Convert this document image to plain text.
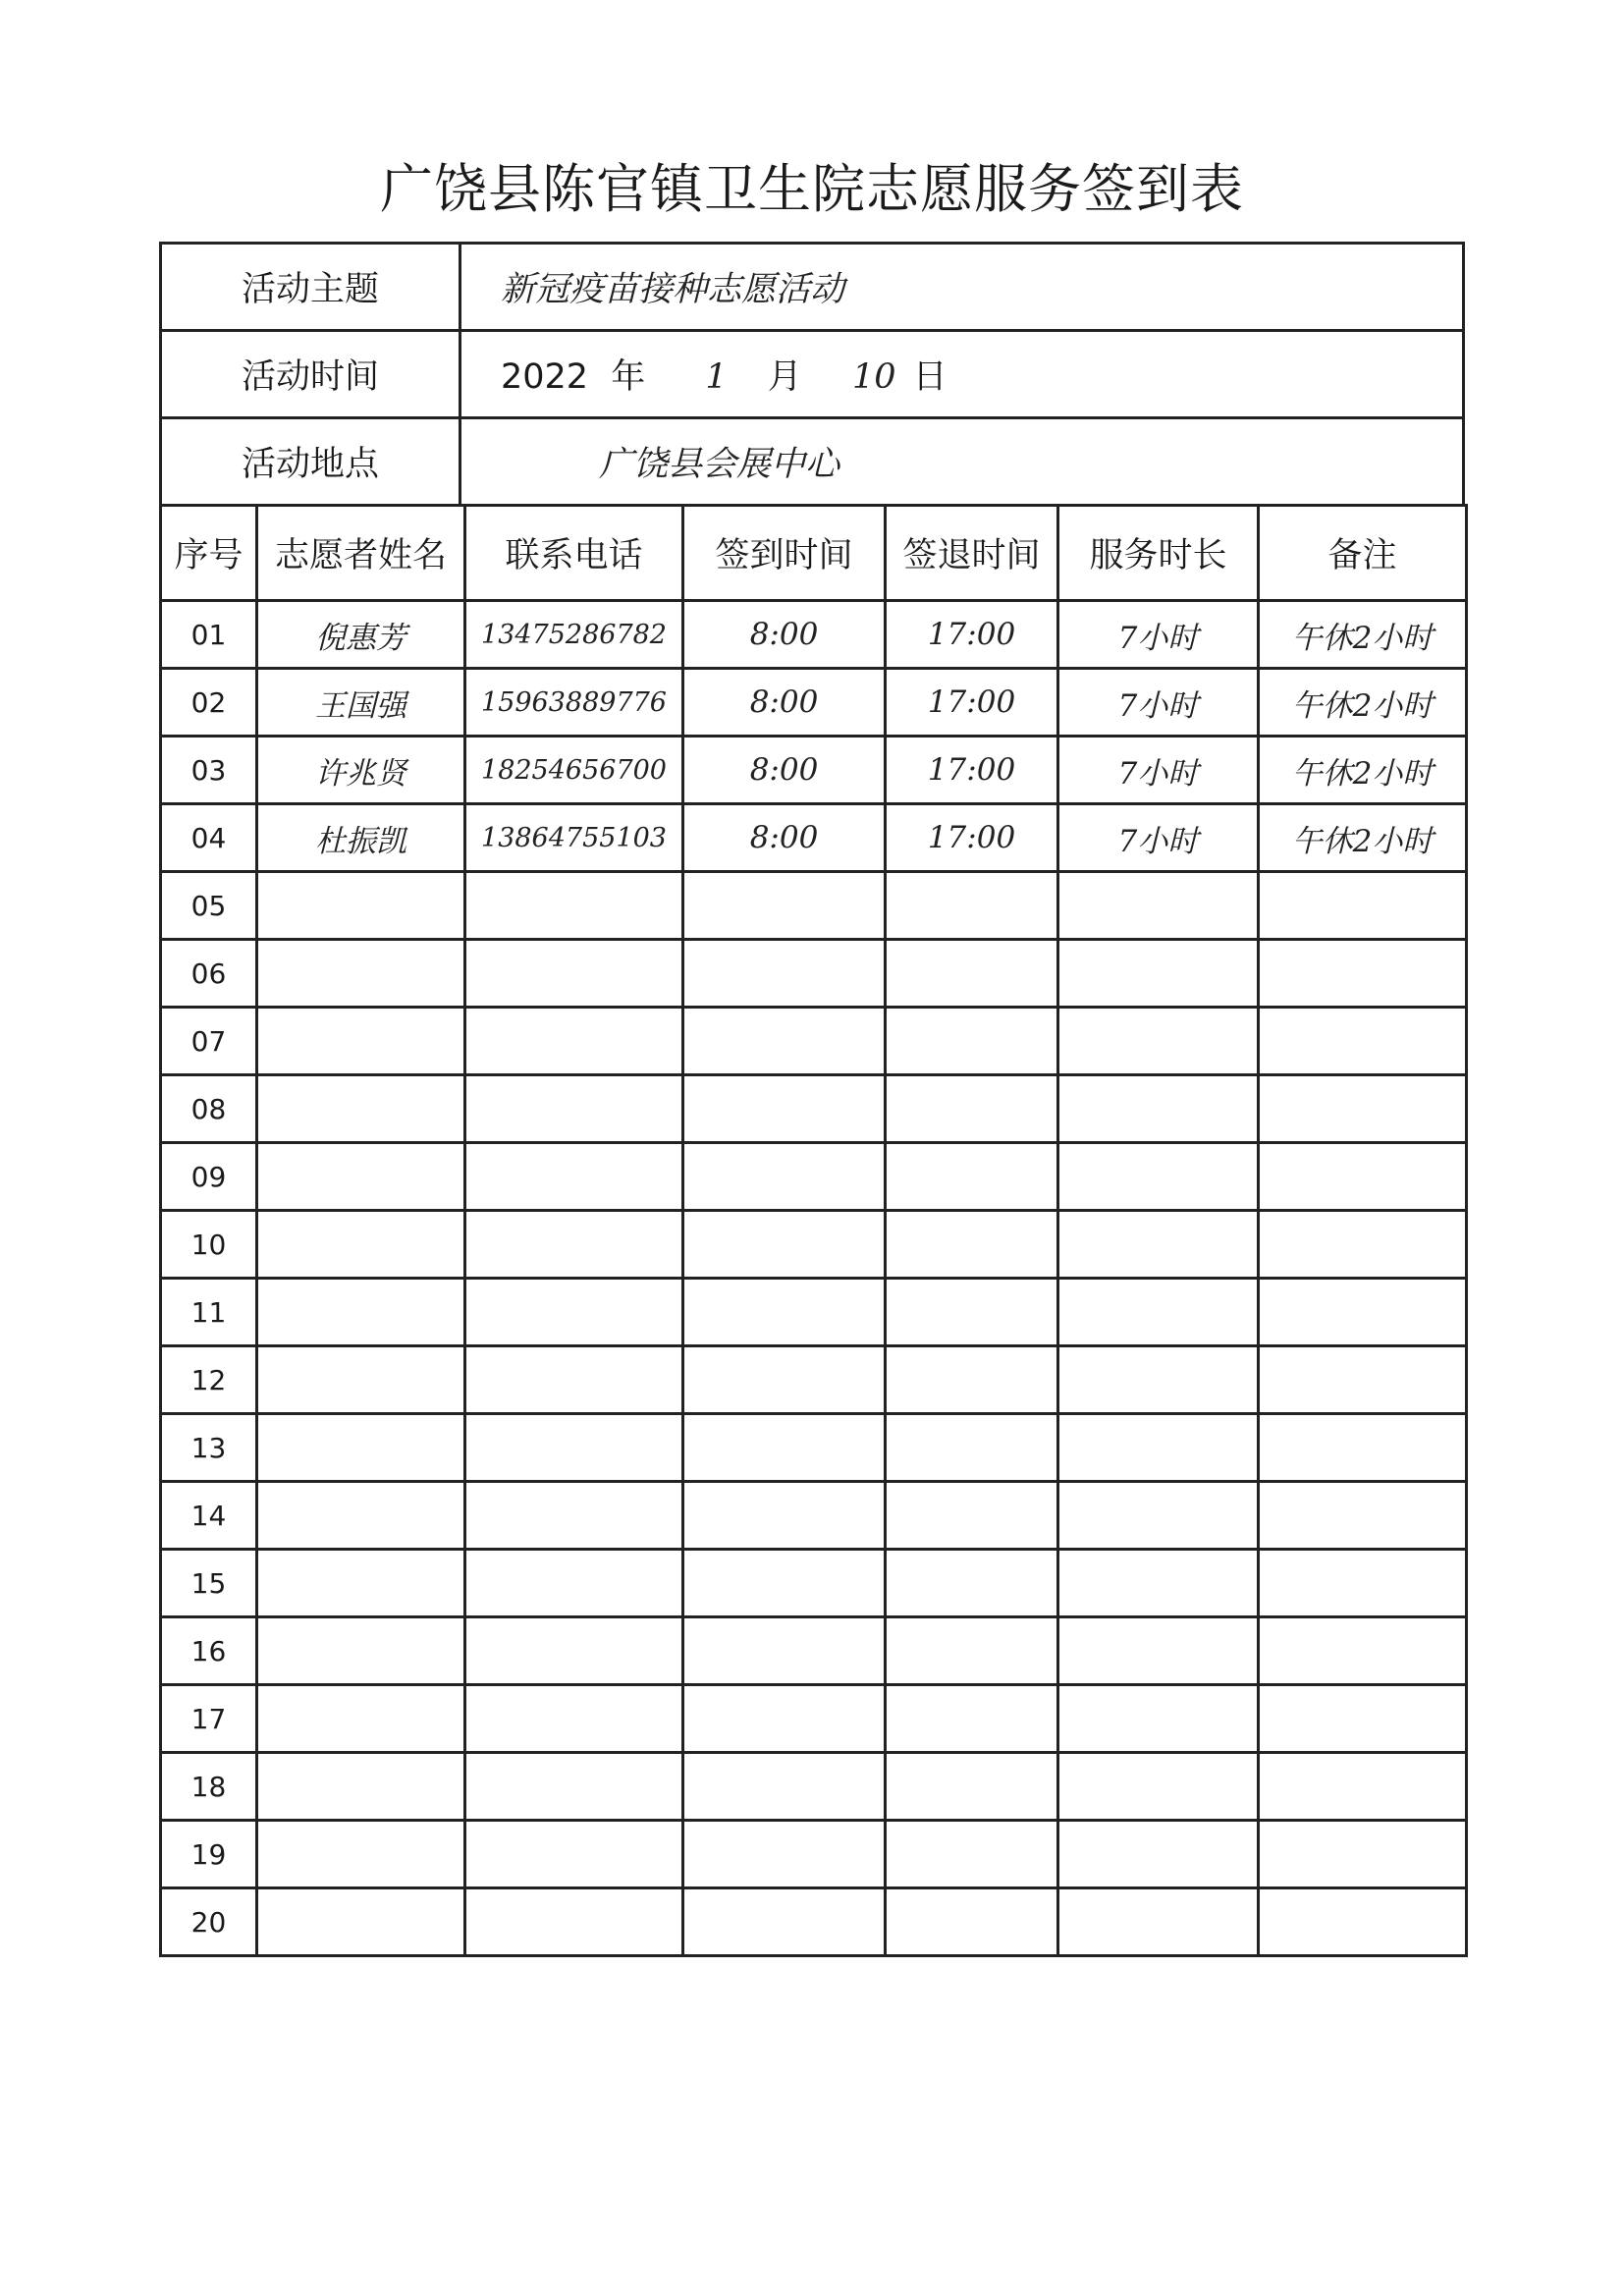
广饶县陈官镇卫生院志愿服务签到表
活动主题	新冠疫苗接种志愿活动
活动时间	2022 年 1 月 10 日
活动地点	广饶县会展中心
序号	志愿者姓名	联系电话	签到时间	签退时间	服务时长	备注
01	倪惠芳	13475286782	8:00	17:00	7小时	午休2小时
02	王国强	15963889776	8:00	17:00	7小时	午休2小时
03	许兆贤	18254656700	8:00	17:00	7小时	午休2小时
04	杜振凯	13864755103	8:00	17:00	7小时	午休2小时
05						
06						
07						
08						
09						
10						
11						
12						
13						
14						
15						
16						
17						
18						
19						
20						
